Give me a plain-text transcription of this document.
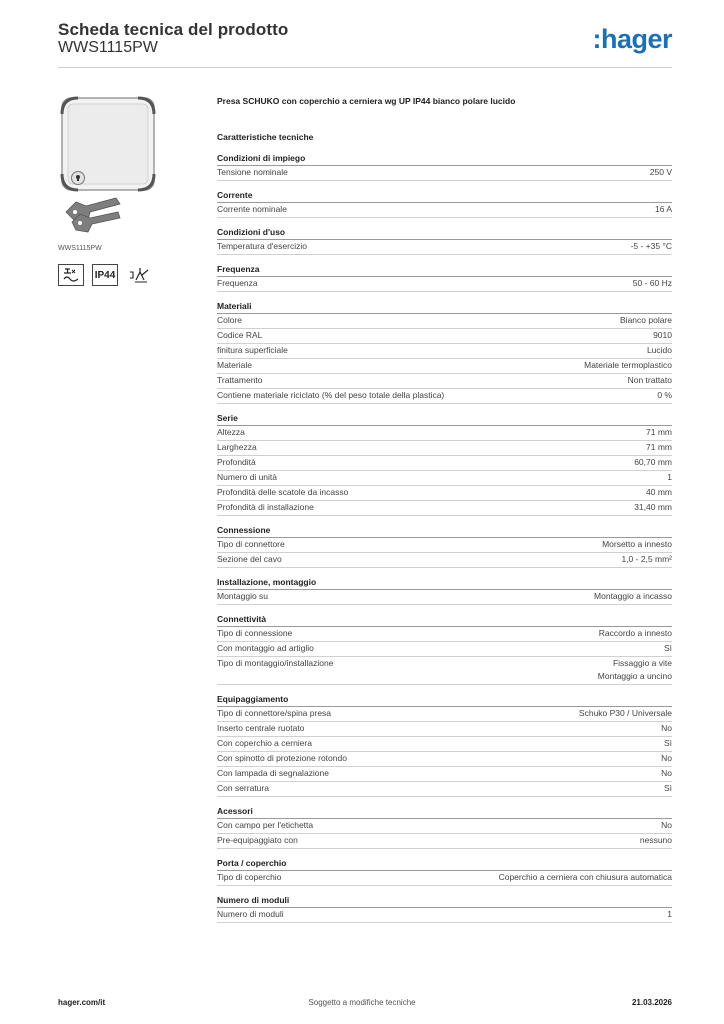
Scheda tecnica del prodotto
WWS1115PW	:hager
WWS1115PW
IP44
Presa SCHUKO con coperchio a cerniera wg UP IP44 bianco polare lucido
Caratteristiche tecniche
Condizioni di impiego
Tensione nominale	250 V
Corrente
Corrente nominale	16 A
Condizioni d'uso
Temperatura d'esercizio	-5 - +35 °C
Frequenza
Frequenza	50 - 60 Hz
Materiali
Colore	Bianco polare
Codice RAL	9010
finitura superficiale	Lucido
Materiale	Materiale termoplastico
Trattamento	Non trattato
Contiene materiale riciclato (% del peso totale della plastica)	0 %
Serie
Altezza	71 mm
Larghezza	71 mm
Profondità	60,70 mm
Numero di unità	1
Profondità delle scatole da incasso	40 mm
Profondità di installazione	31,40 mm
Connessione
Tipo di connettore	Morsetto a innesto
Sezione del cavo	1,0 - 2,5 mm²
Installazione, montaggio
Montaggio su	Montaggio a incasso
Connettività
Tipo di connessione	Raccordo a innesto
Con montaggio ad artiglio	Sì
Tipo di montaggio/installazione	Fissaggio a vite
Montaggio a uncino
Equipaggiamento
Tipo di connettore/spina presa	Schuko P30 / Universale
Inserto centrale ruotato	No
Con coperchio a cerniera	Sì
Con spinotto di protezione rotondo	No
Con lampada di segnalazione	No
Con serratura	Sì
Acessori
Con campo per l'etichetta	No
Pre-equipaggiato con	nessuno
Porta / coperchio
Tipo di coperchio	Coperchio a cerniera con chiusura automatica
Numero di moduli
Numero di moduli	1
hager.com/it	Soggetto a modifiche tecniche	21.03.2026
